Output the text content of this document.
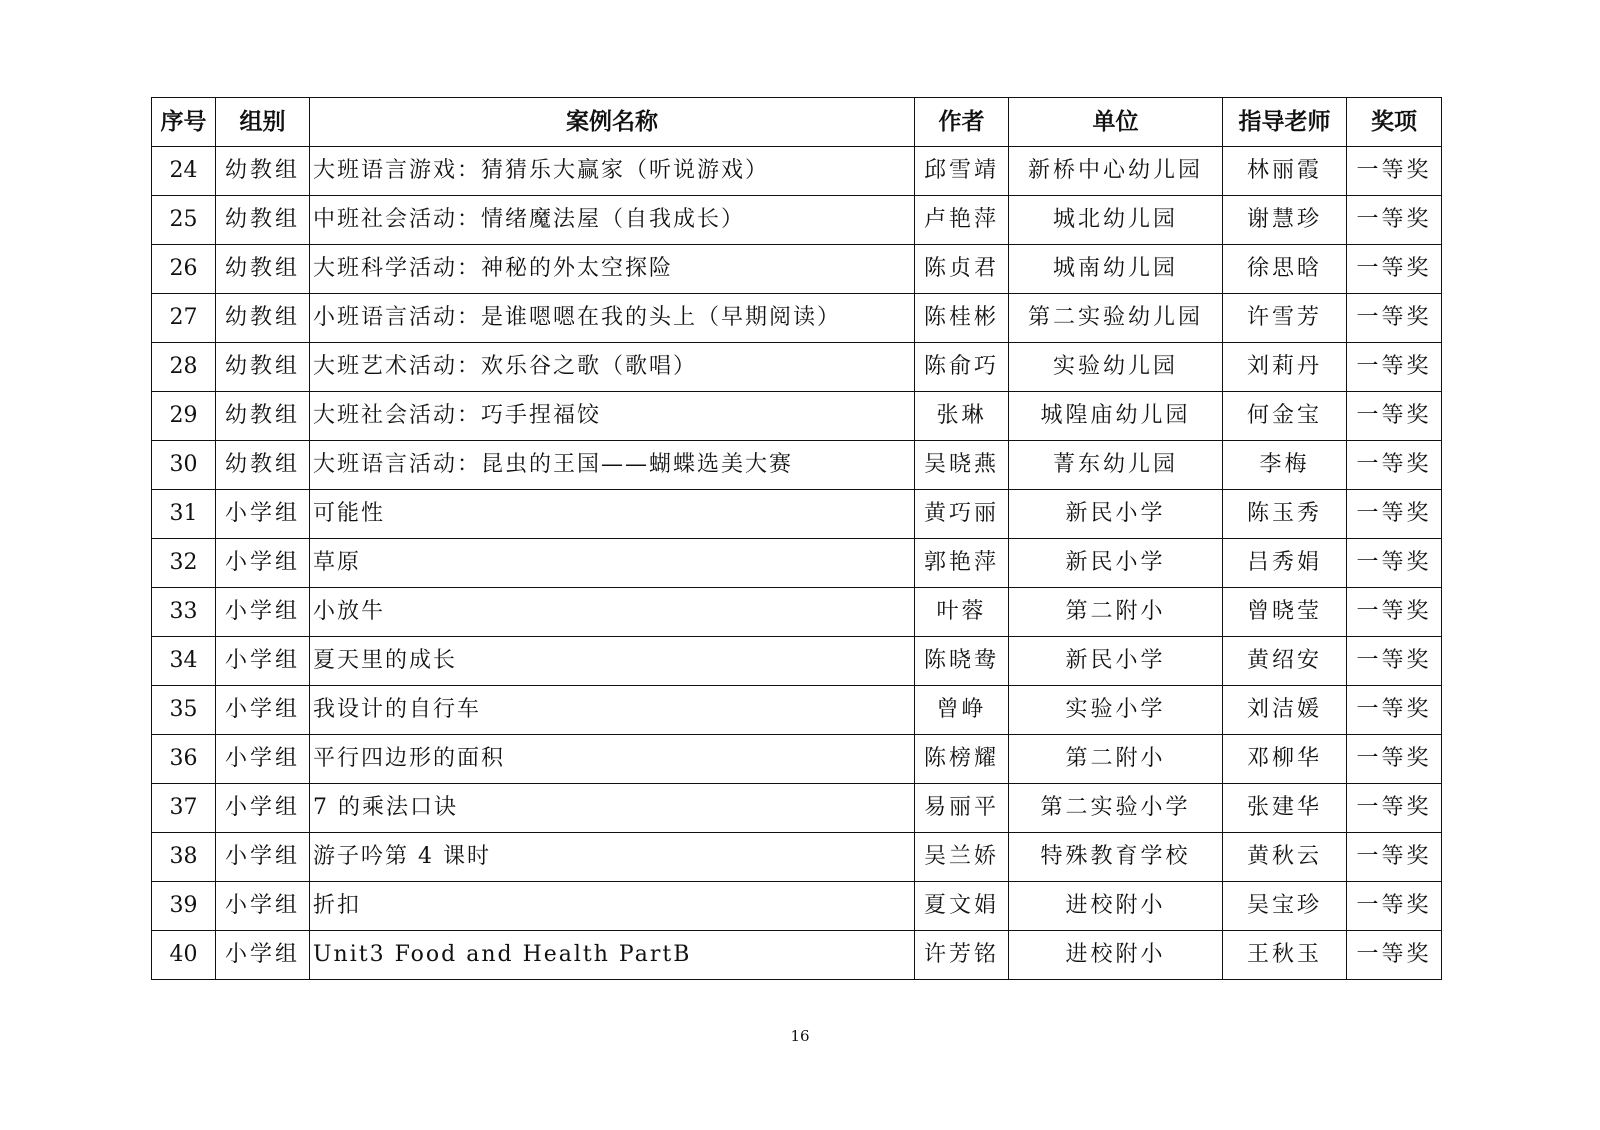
序号	组别	案例名称	作者	单位	指导老师	奖项
24	幼教组	大班语言游戏：猜猜乐大赢家（听说游戏）	邱雪靖	新桥中心幼儿园	林丽霞	一等奖
25	幼教组	中班社会活动：情绪魔法屋（自我成长）	卢艳萍	城北幼儿园	谢慧珍	一等奖
26	幼教组	大班科学活动：神秘的外太空探险	陈贞君	城南幼儿园	徐思晗	一等奖
27	幼教组	小班语言活动：是谁嗯嗯在我的头上（早期阅读）	陈桂彬	第二实验幼儿园	许雪芳	一等奖
28	幼教组	大班艺术活动：欢乐谷之歌（歌唱）	陈俞巧	实验幼儿园	刘莉丹	一等奖
29	幼教组	大班社会活动：巧手捏福饺	张琳	城隍庙幼儿园	何金宝	一等奖
30	幼教组	大班语言活动：昆虫的王国——蝴蝶选美大赛	吴晓燕	菁东幼儿园	李梅	一等奖
31	小学组	可能性	黄巧丽	新民小学	陈玉秀	一等奖
32	小学组	草原	郭艳萍	新民小学	吕秀娟	一等奖
33	小学组	小放牛	叶蓉	第二附小	曾晓莹	一等奖
34	小学组	夏天里的成长	陈晓鸯	新民小学	黄绍安	一等奖
35	小学组	我设计的自行车	曾峥	实验小学	刘洁媛	一等奖
36	小学组	平行四边形的面积	陈榜耀	第二附小	邓柳华	一等奖
37	小学组	7 的乘法口诀	易丽平	第二实验小学	张建华	一等奖
38	小学组	游子吟第 4 课时	吴兰娇	特殊教育学校	黄秋云	一等奖
39	小学组	折扣	夏文娟	进校附小	吴宝珍	一等奖
40	小学组	Unit3 Food and Health PartB	许芳铭	进校附小	王秋玉	一等奖
16
